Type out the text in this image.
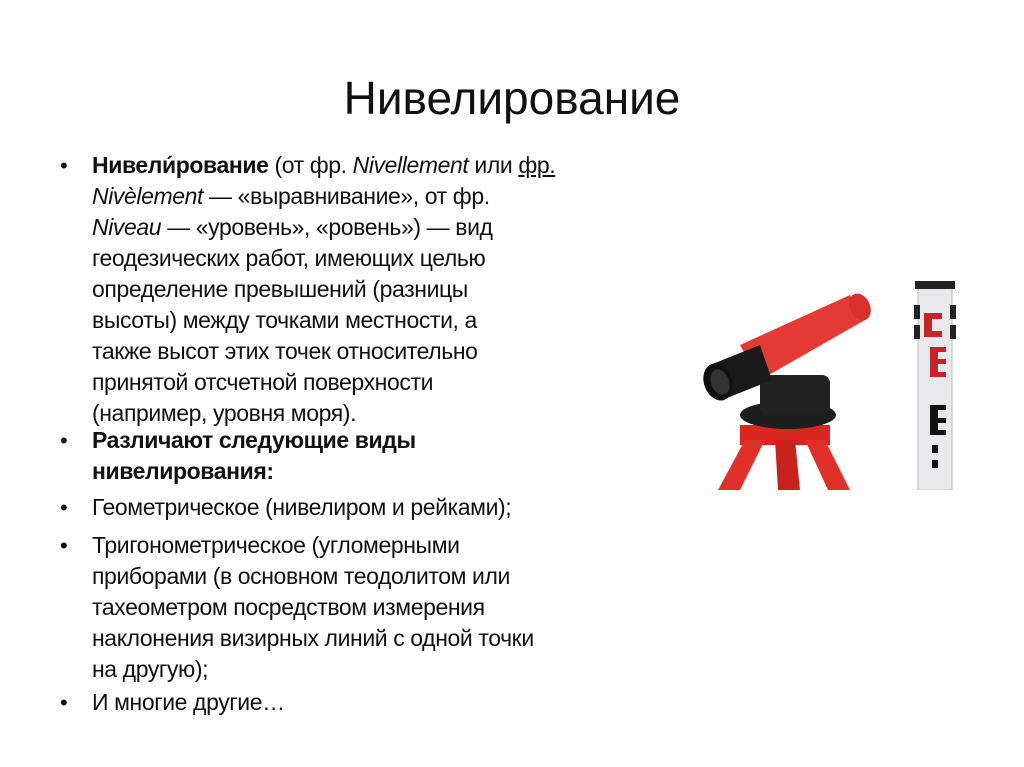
Нивелирование
• Нивели́рование (от фр. Nivellement или фр.
Nivèlement — «выравнивание», от фр.
Niveau — «уровень», «ровень») — вид
геодезических работ, имеющих целью
определение превышений (разницы
высоты) между точками местности, а
также высот этих точек относительно
принятой отсчетной поверхности
(например, уровня моря).
• Различают следующие виды
нивелирования:
• Геометрическое (нивелиром и рейками);
• Тригонометрическое (угломерными
приборами (в основном теодолитом или
тахеометром посредством измерения
наклонения визирных линий с одной точки
на другую);
• И многие другие…
